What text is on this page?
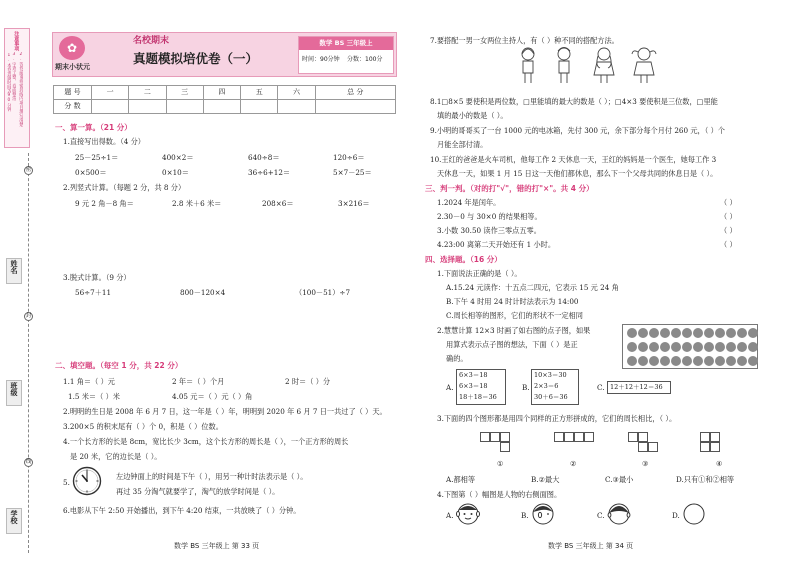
注意事项
1.本卷答题时间为90分钟 2.答卷前请将密封线内项目填写清楚
3.字迹工整，卷面整洁
密
封
线
姓名
班级
学校
✿
期末小状元
名校期末
真题模拟培优卷（一）
数学 BS 三年级上
时间：90分钟 分数：100分
题 号	一	二	三	四	五	六	总 分
分 数							
一、算一算。（21 分）
1.直接写出得数。（4 分）
25－25÷1＝	400×2＝	640÷8＝	120÷6＝
0×500＝	0×10＝	36÷6+12＝	5×7－25＝
2.列竖式计算。（每题 2 分，共 8 分）
9 元 2 角－8 角＝	2.8 米＋6 米＝	208×6＝	3×216＝
3.脱式计算。（9 分）
56÷7＋11	800－120×4	（100－51）÷7
二、填空题。（每空 1 分，共 22 分）
1.1 角＝（ ）元	2 年＝（ ）个月	2 时＝（ ）分
1.5 米＝（ ）米	4.05 元＝（ ）元（ ）角
2.明明的生日是 2008 年 6 月 7 日，这一年是（ ）年，明明到 2020 年 6 月 7 日一共过了（ ）天。
3.200×5 的积末尾有（ ）个 0，积是（ ）位数。
4.一个长方形的长是 8cm，宽比长少 3cm，这个长方形的周长是（ ），一个正方形的周长
是 20 米，它的边长是（ ）。
5.
左边钟面上的时间是下午（ ），用另一种计时法表示是（ ）。
再过 35 分淘气就要学了，淘气的放学时间是（ ）。
6.电影从下午 2:50 开始播出，到下午 4:20 结束，一共放映了（ ）分钟。
数学 BS 三年级上 第 33 页
7.要搭配一男一女两位主持人，有（ ）种不同的搭配方法。
8.1□8×5 要使积是两位数，□里能填的最大的数是（ ）；□4×3 要使积是三位数，□里能
填的最小的数是（ ）。
9.小明的哥哥买了一台 1000 元的电冰箱，先付 300 元，余下部分每个月付 260 元，（ ）个
月能全部付清。
10.王红的爸爸是火车司机，他每工作 2 天休息一天，王红的妈妈是一个医生，她每工作 3
天休息一天，如果 1 月 15 日这一天他们都休息，那么下一个父母共同的休息日是（ ）。
三、判一判。（对的打"√"，错的打"×"。共 4 分）
1.2024 年是闰年。	（ ）
2.30－0 与 30×0 的结果相等。	（ ）
3.小数 30.50 读作三零点五零。	（ ）
4.23:00 离第二天开始还有 1 小时。	（ ）
四、选择题。（16 分）
1.下面说法正确的是（ ）。
A.15.24 元读作：十五点二四元，它表示 15 元 24 角
B.下午 4 时用 24 时计时法表示为 14:00
C.周长相等的图形，它们的形状不一定相同
2.慧慧计算 12×3 时画了如右图的点子图，如果
用算式表示点子图的想法，下面（ ）是正
确的。
A.
6×3＝18
6×3＝18
18＋18＝36
B.
10×3＝30
2×3＝6
30＋6＝36
C. 12＋12＋12＝36
3.下面的四个图形都是用四个同样的正方形拼成的，它们的周长相比，（ ）。
①	②	③	④
A.都相等	B.②最大	C.③最小	D.只有①和②相等
4.下图第（ ）幅图是人物的右侧面图。
A.	B.	C.	D.
数学 BS 三年级上 第 34 页
